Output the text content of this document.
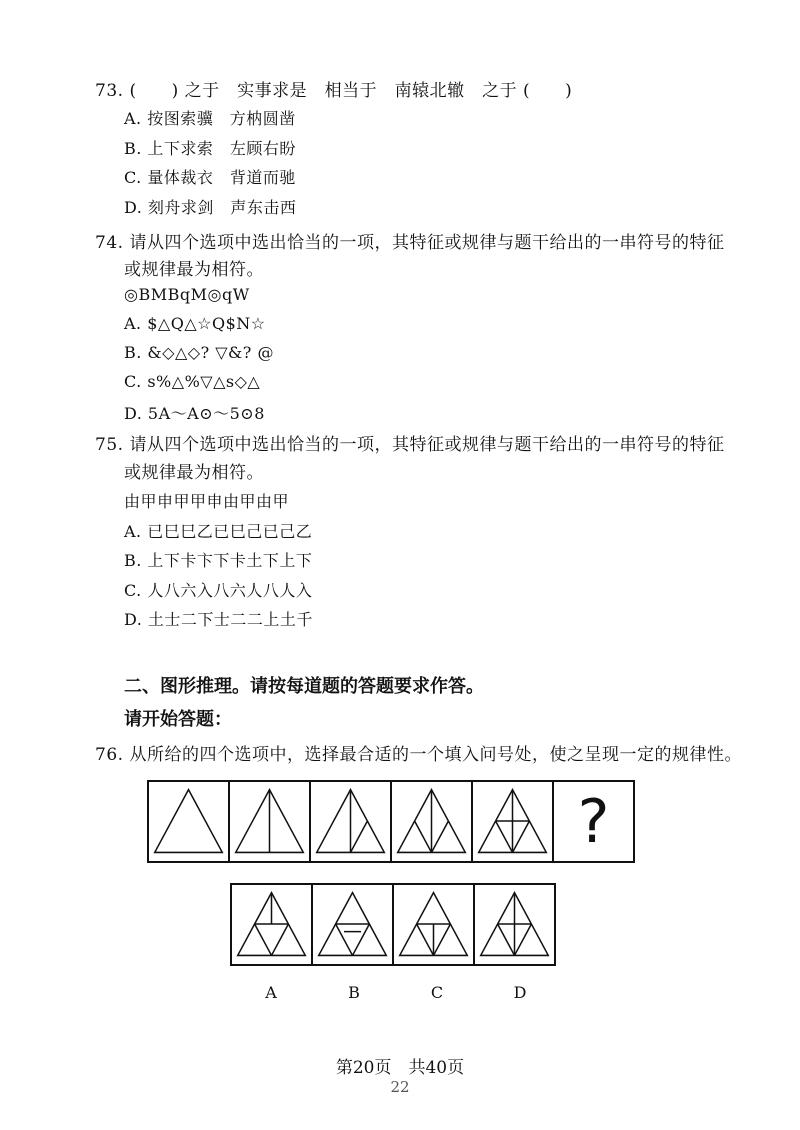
73. (　　) 之于　实事求是　相当于　南辕北辙　之于 (　　)
A. 按图索骥　方枘圆凿
B. 上下求索　左顾右盼
C. 量体裁衣　背道而驰
D. 刻舟求剑　声东击西
74. 请从四个选项中选出恰当的一项，其特征或规律与题干给出的一串符号的特征
或规律最为相符。
◎BMBqM◎qW
A. $△Q△☆Q$N☆
B. &◇△◇? ▽&? @
C. s%△%▽△s◇△
D. 5A～A⊙～5⊙8
75. 请从四个选项中选出恰当的一项，其特征或规律与题干给出的一串符号的特征
或规律最为相符。
由甲申甲甲申由甲由甲
A. 已巳巳乙已巳己已己乙
B. 上下卡卞下卡土下上下
C. 人八六入八六人八人入
D. 土士二下士二二上土千
二、图形推理。请按每道题的答题要求作答。
请开始答题：
76. 从所给的四个选项中，选择最合适的一个填入问号处，使之呈现一定的规律性。
?
A	B	C	D
第20页　共40页
22
